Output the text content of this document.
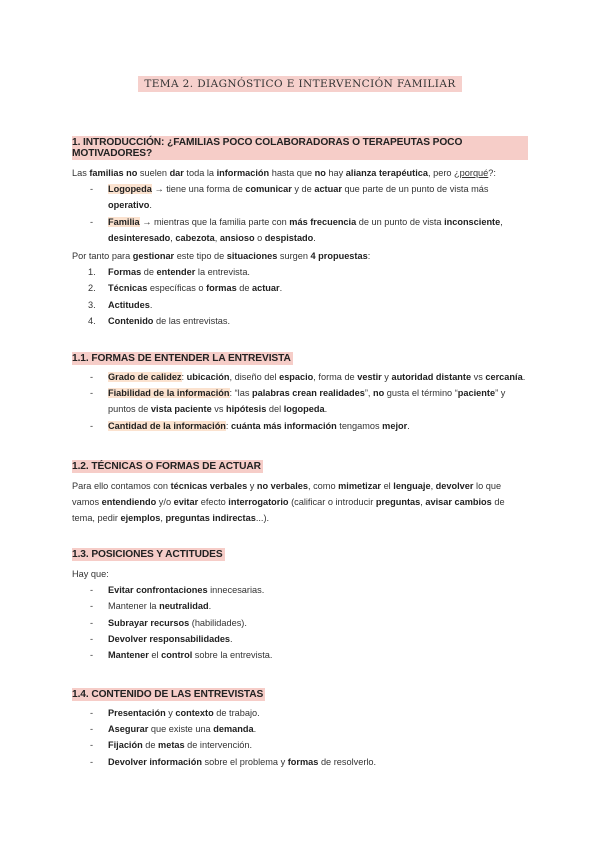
TEMA 2. DIAGNÓSTICO E INTERVENCIÓN FAMILIAR
1. INTRODUCCIÓN: ¿FAMILIAS POCO COLABORADORAS O TERAPEUTAS POCO MOTIVADORES?

Las familias no suelen dar toda la información hasta que no hay alianza terapéutica, pero ¿porqué?:

- Logopeda → tiene una forma de comunicar y de actuar que parte de un punto de vista más operativo.
- Familia → mientras que la familia parte con más frecuencia de un punto de vista inconsciente, desinteresado, cabezota, ansioso o despistado.

Por tanto para gestionar este tipo de situaciones surgen 4 propuestas:

1. Formas de entender la entrevista.
2. Técnicas específicas o formas de actuar.
3. Actitudes.
4. Contenido de las entrevistas.
1.1. FORMAS DE ENTENDER LA ENTREVISTA
- Grado de calidez: ubicación, diseño del espacio, forma de vestir y autoridad distante vs cercanía.
- Fiabilidad de la información: “las palabras crean realidades”, no gusta el término “paciente” y puntos de vista paciente vs hipótesis del logopeda.
- Cantidad de la información: cuánta más información tengamos mejor.
1.2. TÉCNICAS O FORMAS DE ACTUAR

Para ello contamos con técnicas verbales y no verbales, como mimetizar el lenguaje, devolver lo que vamos entendiendo y/o evitar efecto interrogatorio (calificar o introducir preguntas, avisar cambios de tema, pedir ejemplos, preguntas indirectas...).

1.3. POSICIONES Y ACTITUDES

Hay que:

- Evitar confrontaciones innecesarias.
- Mantener la neutralidad.
- Subrayar recursos (habilidades).
- Devolver responsabilidades.
- Mantener el control sobre la entrevista.
1.4. CONTENIDO DE LAS ENTREVISTAS
- Presentación y contexto de trabajo.
- Asegurar que existe una demanda.
- Fijación de metas de intervención.
- Devolver información sobre el problema y formas de resolverlo.
